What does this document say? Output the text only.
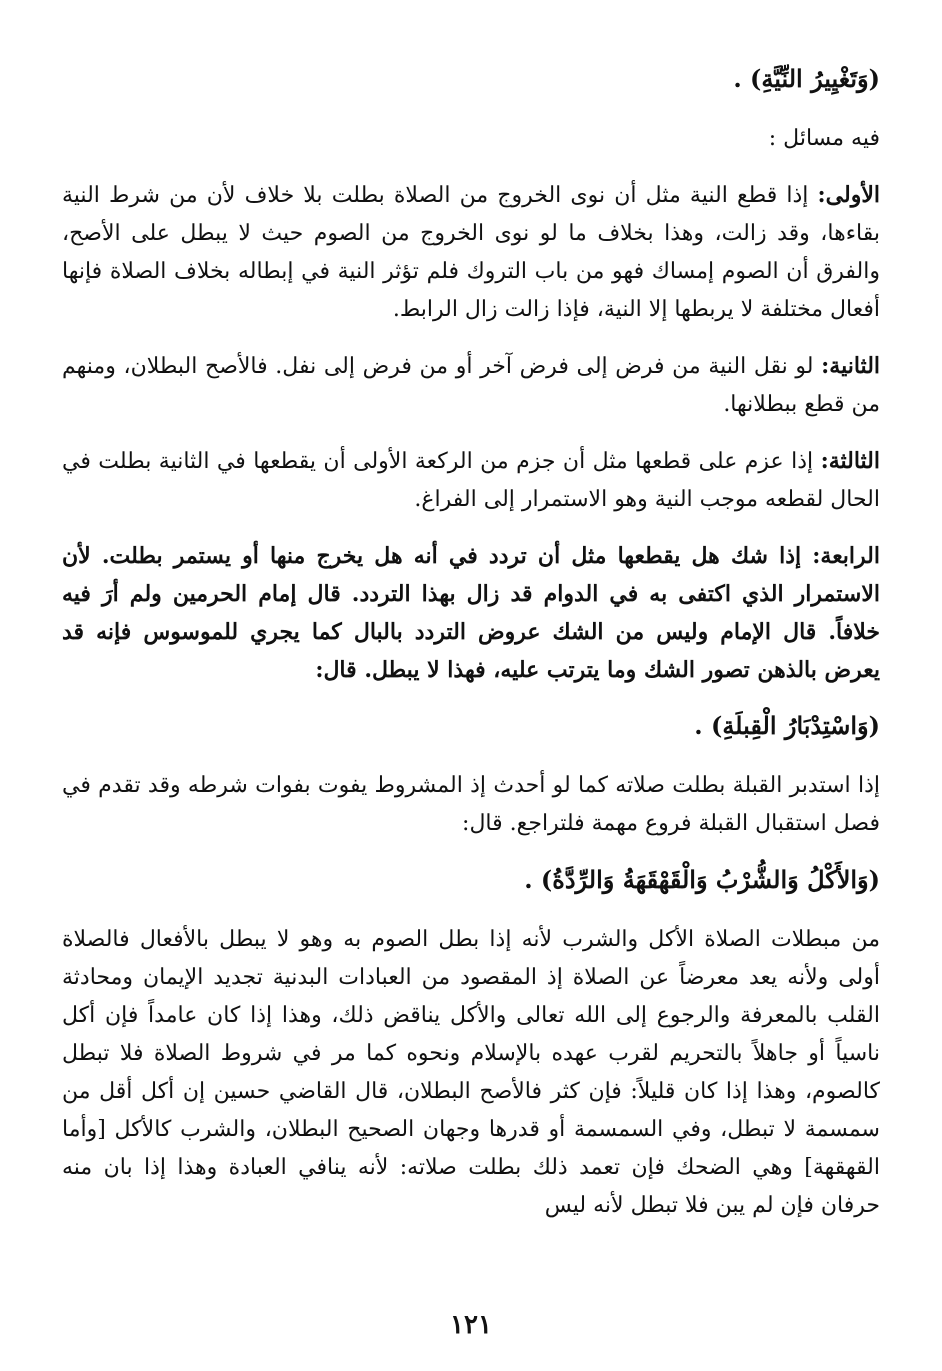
(وَتَغْيِيرُ النِّيَّةِ) .

فيه مسائل :

الأولى: إذا قطع النية مثل أن نوى الخروج من الصلاة بطلت بلا خلاف لأن من شرط النية بقاءها، وقد زالت، وهذا بخلاف ما لو نوى الخروج من الصوم حيث لا يبطل على الأصح، والفرق أن الصوم إمساك فهو من باب التروك فلم تؤثر النية في إبطاله بخلاف الصلاة فإنها أفعال مختلفة لا يربطها إلا النية، فإذا زالت زال الرابط.

الثانية: لو نقل النية من فرض إلى فرض آخر أو من فرض إلى نفل. فالأصح البطلان، ومنهم من قطع ببطلانها.

الثالثة: إذا عزم على قطعها مثل أن جزم من الركعة الأولى أن يقطعها في الثانية بطلت في الحال لقطعه موجب النية وهو الاستمرار إلى الفراغ.

الرابعة: إذا شك هل يقطعها مثل أن تردد في أنه هل يخرج منها أو يستمر بطلت. لأن الاستمرار الذي اكتفى به في الدوام قد زال بهذا التردد. قال إمام الحرمين ولم أرَ فيه خلافاً. قال الإمام وليس من الشك عروض التردد بالبال كما يجري للموسوس فإنه قد يعرض بالذهن تصور الشك وما يترتب عليه، فهذا لا يبطل. قال:

(وَاسْتِدْبَارُ الْقِبلَةِ) .

إذا استدبر القبلة بطلت صلاته كما لو أحدث إذ المشروط يفوت بفوات شرطه وقد تقدم في فصل استقبال القبلة فروع مهمة فلتراجع. قال:

(وَالأَكْلُ وَالشُّرْبُ وَالْقَهْقَهَةُ وَالرِّدَّةُ) .

من مبطلات الصلاة الأكل والشرب لأنه إذا بطل الصوم به وهو لا يبطل بالأفعال فالصلاة أولى ولأنه يعد معرضاً عن الصلاة إذ المقصود من العبادات البدنية تجديد الإيمان ومحادثة القلب بالمعرفة والرجوع إلى الله تعالى والأكل يناقض ذلك، وهذا إذا كان عامداً فإن أكل ناسياً أو جاهلاً بالتحريم لقرب عهده بالإسلام ونحوه كما مر في شروط الصلاة فلا تبطل كالصوم، وهذا إذا كان قليلاً: فإن كثر فالأصح البطلان، قال القاضي حسين إن أكل أقل من سمسمة لا تبطل، وفي السمسمة أو قدرها وجهان الصحيح البطلان، والشرب كالأكل [وأما القهقهة] وهي الضحك فإن تعمد ذلك بطلت صلاته: لأنه ينافي العبادة وهذا إذا بان منه حرفان فإن لم يبن فلا تبطل لأنه ليس

١٢١
